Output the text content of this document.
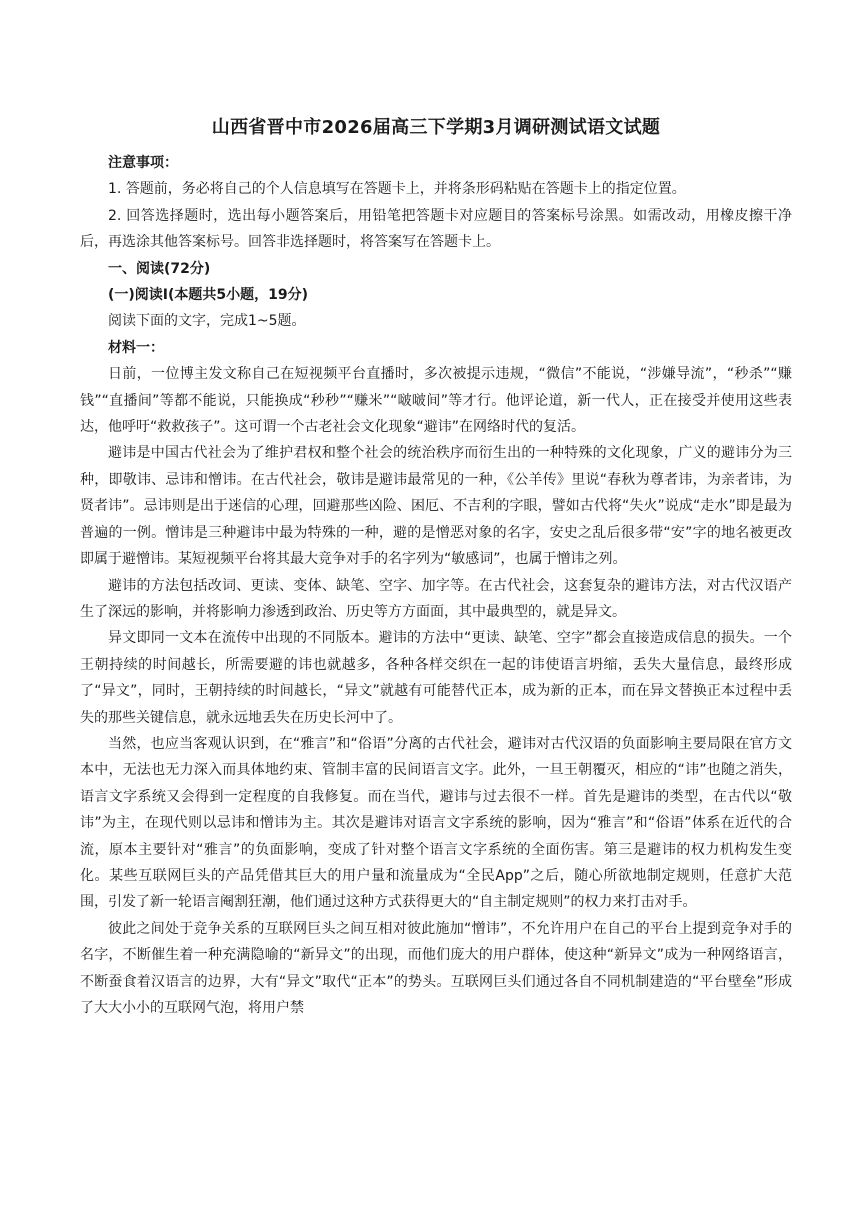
山西省晋中市2026届高三下学期3月调研测试语文试题

注意事项：

1. 答题前，务必将自己的个人信息填写在答题卡上，并将条形码粘贴在答题卡上的指定位置。

2. 回答选择题时，选出每小题答案后，用铅笔把答题卡对应题目的答案标号涂黑。如需改动，用橡皮擦干净后，再选涂其他答案标号。回答非选择题时，将答案写在答题卡上。

一、阅读(72分)

(一)阅读Ⅰ(本题共5小题，19分)

阅读下面的文字，完成1~5题。

材料一：

日前，一位博主发文称自己在短视频平台直播时，多次被提示违规，“微信”不能说，“涉嫌导流”，“秒杀”“赚钱”“直播间”等都不能说，只能换成“秒秒”“赚米”“啵啵间”等才行。他评论道，新一代人，正在接受并使用这些表达，他呼吁“救救孩子”。这可谓一个古老社会文化现象“避讳”在网络时代的复活。

避讳是中国古代社会为了维护君权和整个社会的统治秩序而衍生出的一种特殊的文化现象，广义的避讳分为三种，即敬讳、忌讳和憎讳。在古代社会，敬讳是避讳最常见的一种，《公羊传》里说“春秋为尊者讳，为亲者讳，为贤者讳”。忌讳则是出于迷信的心理，回避那些凶险、困厄、不吉利的字眼，譬如古代将“失火”说成“走水”即是最为普遍的一例。憎讳是三种避讳中最为特殊的一种，避的是憎恶对象的名字，安史之乱后很多带“安”字的地名被更改即属于避憎讳。某短视频平台将其最大竞争对手的名字列为“敏感词”，也属于憎讳之列。

避讳的方法包括改词、更读、变体、缺笔、空字、加字等。在古代社会，这套复杂的避讳方法，对古代汉语产生了深远的影响，并将影响力渗透到政治、历史等方方面面，其中最典型的，就是异文。

异文即同一文本在流传中出现的不同版本。避讳的方法中“更读、缺笔、空字”都会直接造成信息的损失。一个王朝持续的时间越长，所需要避的讳也就越多，各种各样交织在一起的讳使语言坍缩，丢失大量信息，最终形成了“异文”，同时，王朝持续的时间越长，“异文”就越有可能替代正本，成为新的正本，而在异文替换正本过程中丢失的那些关键信息，就永远地丢失在历史长河中了。

当然，也应当客观认识到，在“雅言”和“俗语”分离的古代社会，避讳对古代汉语的负面影响主要局限在官方文本中，无法也无力深入而具体地约束、管制丰富的民间语言文字。此外，一旦王朝覆灭，相应的“讳”也随之消失，语言文字系统又会得到一定程度的自我修复。而在当代，避讳与过去很不一样。首先是避讳的类型，在古代以“敬讳”为主，在现代则以忌讳和憎讳为主。其次是避讳对语言文字系统的影响，因为“雅言”和“俗语”体系在近代的合流，原本主要针对“雅言”的负面影响，变成了针对整个语言文字系统的全面伤害。第三是避讳的权力机构发生变化。某些互联网巨头的产品凭借其巨大的用户量和流量成为“全民App”之后，随心所欲地制定规则，任意扩大范围，引发了新一轮语言阉割狂潮，他们通过这种方式获得更大的“自主制定规则”的权力来打击对手。

彼此之间处于竞争关系的互联网巨头之间互相对彼此施加“憎讳”，不允许用户在自己的平台上提到竞争对手的名字，不断催生着一种充满隐喻的“新异文”的出现，而他们庞大的用户群体，使这种“新异文”成为一种网络语言，不断蚕食着汉语言的边界，大有“异文”取代“正本”的势头。互联网巨头们通过各自不同机制建造的“平台壁垒”形成了大大小小的互联网气泡，将用户禁
